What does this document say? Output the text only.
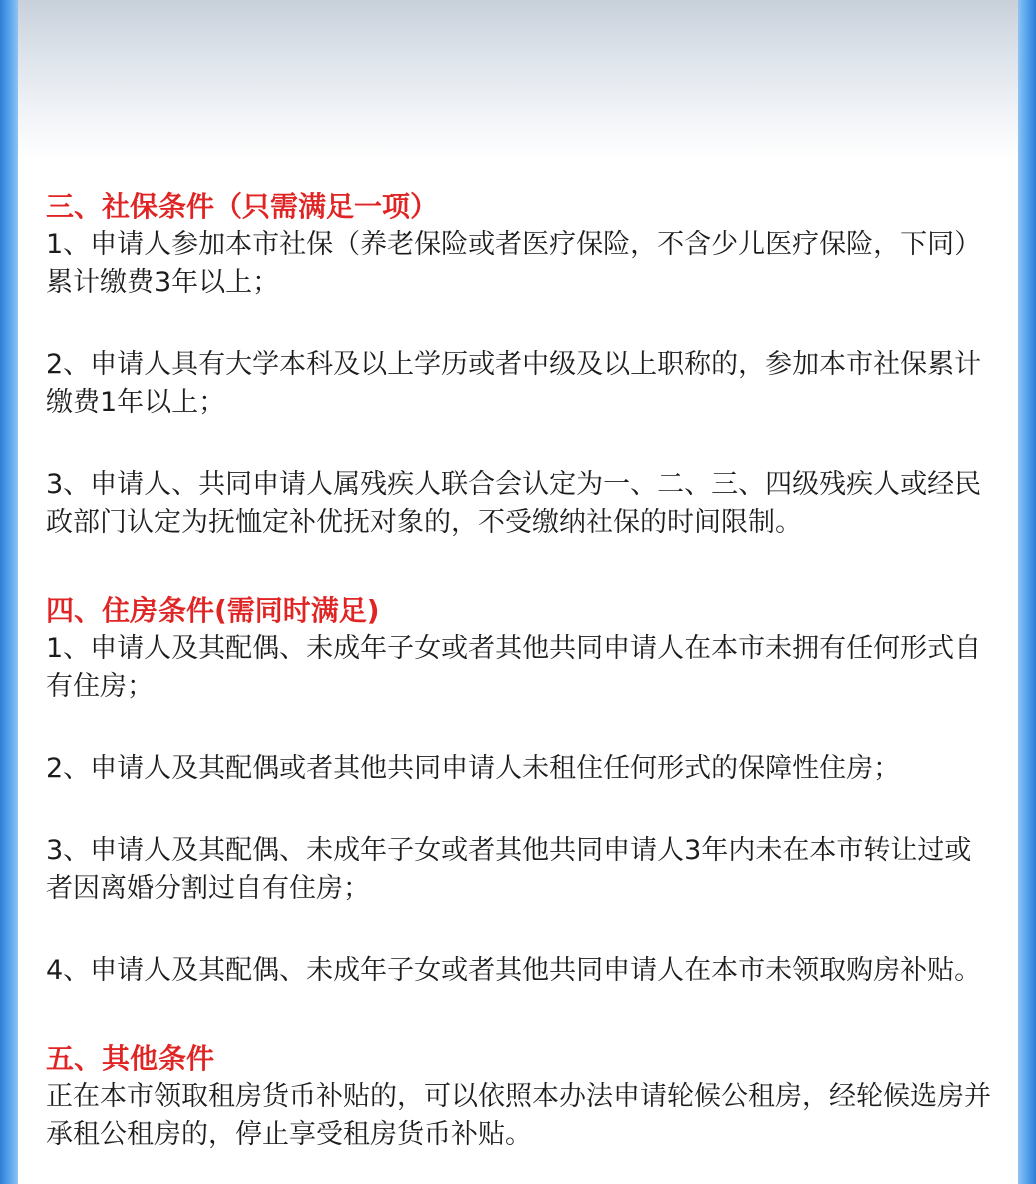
三、社保条件（只需满足一项）

1、申请人参加本市社保（养老保险或者医疗保险，不含少儿医疗保险，下同）累计缴费3年以上；

2、申请人具有大学本科及以上学历或者中级及以上职称的，参加本市社保累计缴费1年以上；

3、申请人、共同申请人属残疾人联合会认定为一、二、三、四级残疾人或经民政部门认定为抚恤定补优抚对象的，不受缴纳社保的时间限制。

四、住房条件(需同时满足)

1、申请人及其配偶、未成年子女或者其他共同申请人在本市未拥有任何形式自有住房；

2、申请人及其配偶或者其他共同申请人未租住任何形式的保障性住房；

3、申请人及其配偶、未成年子女或者其他共同申请人3年内未在本市转让过或者因离婚分割过自有住房；

4、申请人及其配偶、未成年子女或者其他共同申请人在本市未领取购房补贴。

五、其他条件

正在本市领取租房货币补贴的，可以依照本办法申请轮候公租房，经轮候选房并承租公租房的，停止享受租房货币补贴。
